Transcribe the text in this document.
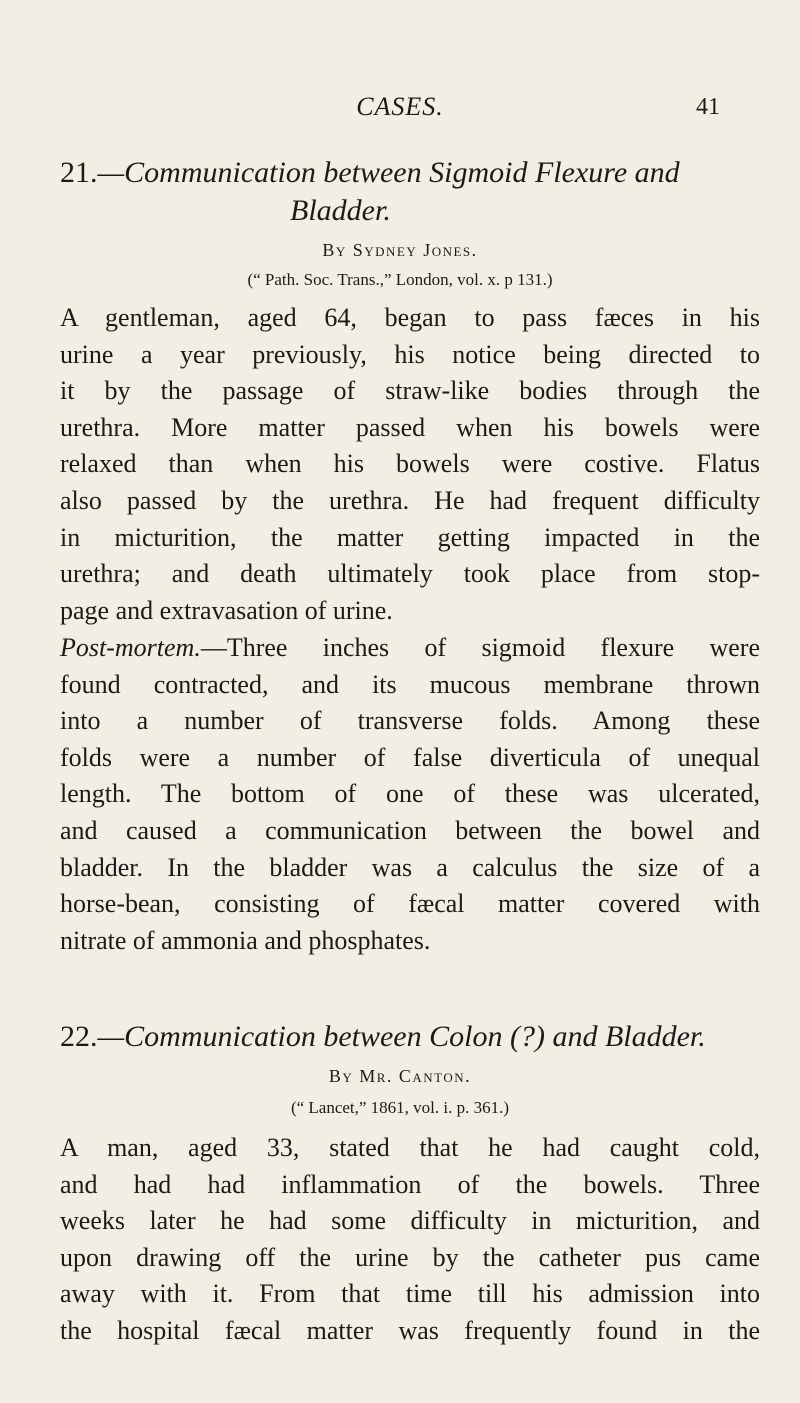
CASES.	41
21.—Communication between Sigmoid Flexure and
Bladder.
By Sydney Jones.
(“ Path. Soc. Trans.,” London, vol. x. p 131.)
A gentleman, aged 64, began to pass fæces in his
urine a year previously, his notice being directed to
it by the passage of straw-like bodies through the
urethra. More matter passed when his bowels were
relaxed than when his bowels were costive. Flatus
also passed by the urethra. He had frequent difficulty
in micturition, the matter getting impacted in the
urethra; and death ultimately took place from stop-
page and extravasation of urine.
Post-mortem.—Three inches of sigmoid flexure were
found contracted, and its mucous membrane thrown
into a number of transverse folds. Among these
folds were a number of false diverticula of unequal
length. The bottom of one of these was ulcerated,
and caused a communication between the bowel and
bladder. In the bladder was a calculus the size of a
horse-bean, consisting of fæcal matter covered with
nitrate of ammonia and phosphates.
22.—Communication between Colon (?) and Bladder.
By Mr. Canton.
(“ Lancet,” 1861, vol. i. p. 361.)
A man, aged 33, stated that he had caught cold,
and had had inflammation of the bowels. Three
weeks later he had some difficulty in micturition, and
upon drawing off the urine by the catheter pus came
away with it. From that time till his admission into
the hospital fæcal matter was frequently found in the
